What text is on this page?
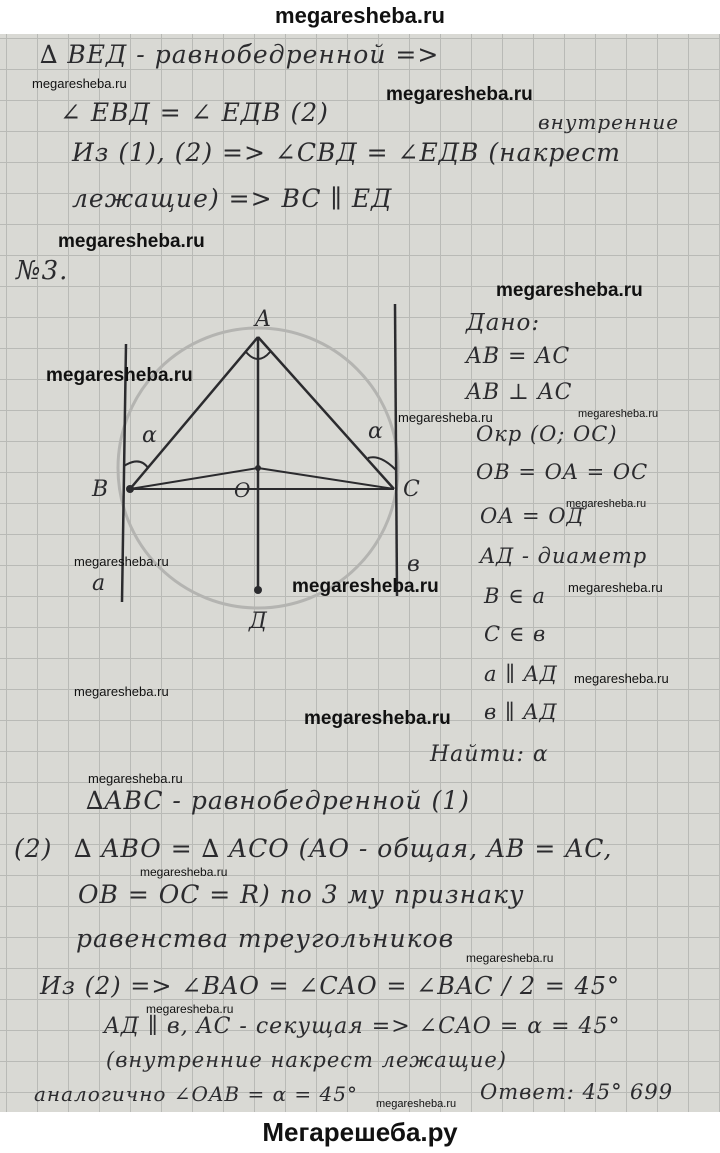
megaresheba.ru
∆ BEД - равнобедренной =>
∠ EBД = ∠ EДB (2)	внутренние
Из (1), (2) => ∠CBД = ∠EДB (накрест
лежащие) => BC ∥ EД
№3.
A
B	C
O
Д
a
в
α	α
Дано:
AB = AC
AB ⊥ AC
Окр (O; OC)
OB = OA = OC
OA = OД
AД - диаметр
B ∈ a
C ∈ в
a ∥ AД
в ∥ AД
Найти: α
∆ABC - равнобедренной (1)
(2) ∆ ABO = ∆ ACO (AO - общая, AB = AC,
OB = OC = R) по 3 му признаку
равенства треугольников
Из (2) => ∠BAO = ∠CAO = ∠BAC / 2 = 45°
AД ∥ в, AC - секущая => ∠CAO = α = 45°
(внутренние накрест лежащие)
аналогично ∠OAB = α = 45°	Ответ: 45° 699
megaresheba.ru
megaresheba.ru
megaresheba.ru
megaresheba.ru
megaresheba.ru
megaresheba.ru	megaresheba.ru
megaresheba.ru
megaresheba.ru
megaresheba.ru	megaresheba.ru
megaresheba.ru
megaresheba.ru
megaresheba.ru
megaresheba.ru
megaresheba.ru
megaresheba.ru
megaresheba.ru
megaresheba.ru
Мегарешеба.ру
